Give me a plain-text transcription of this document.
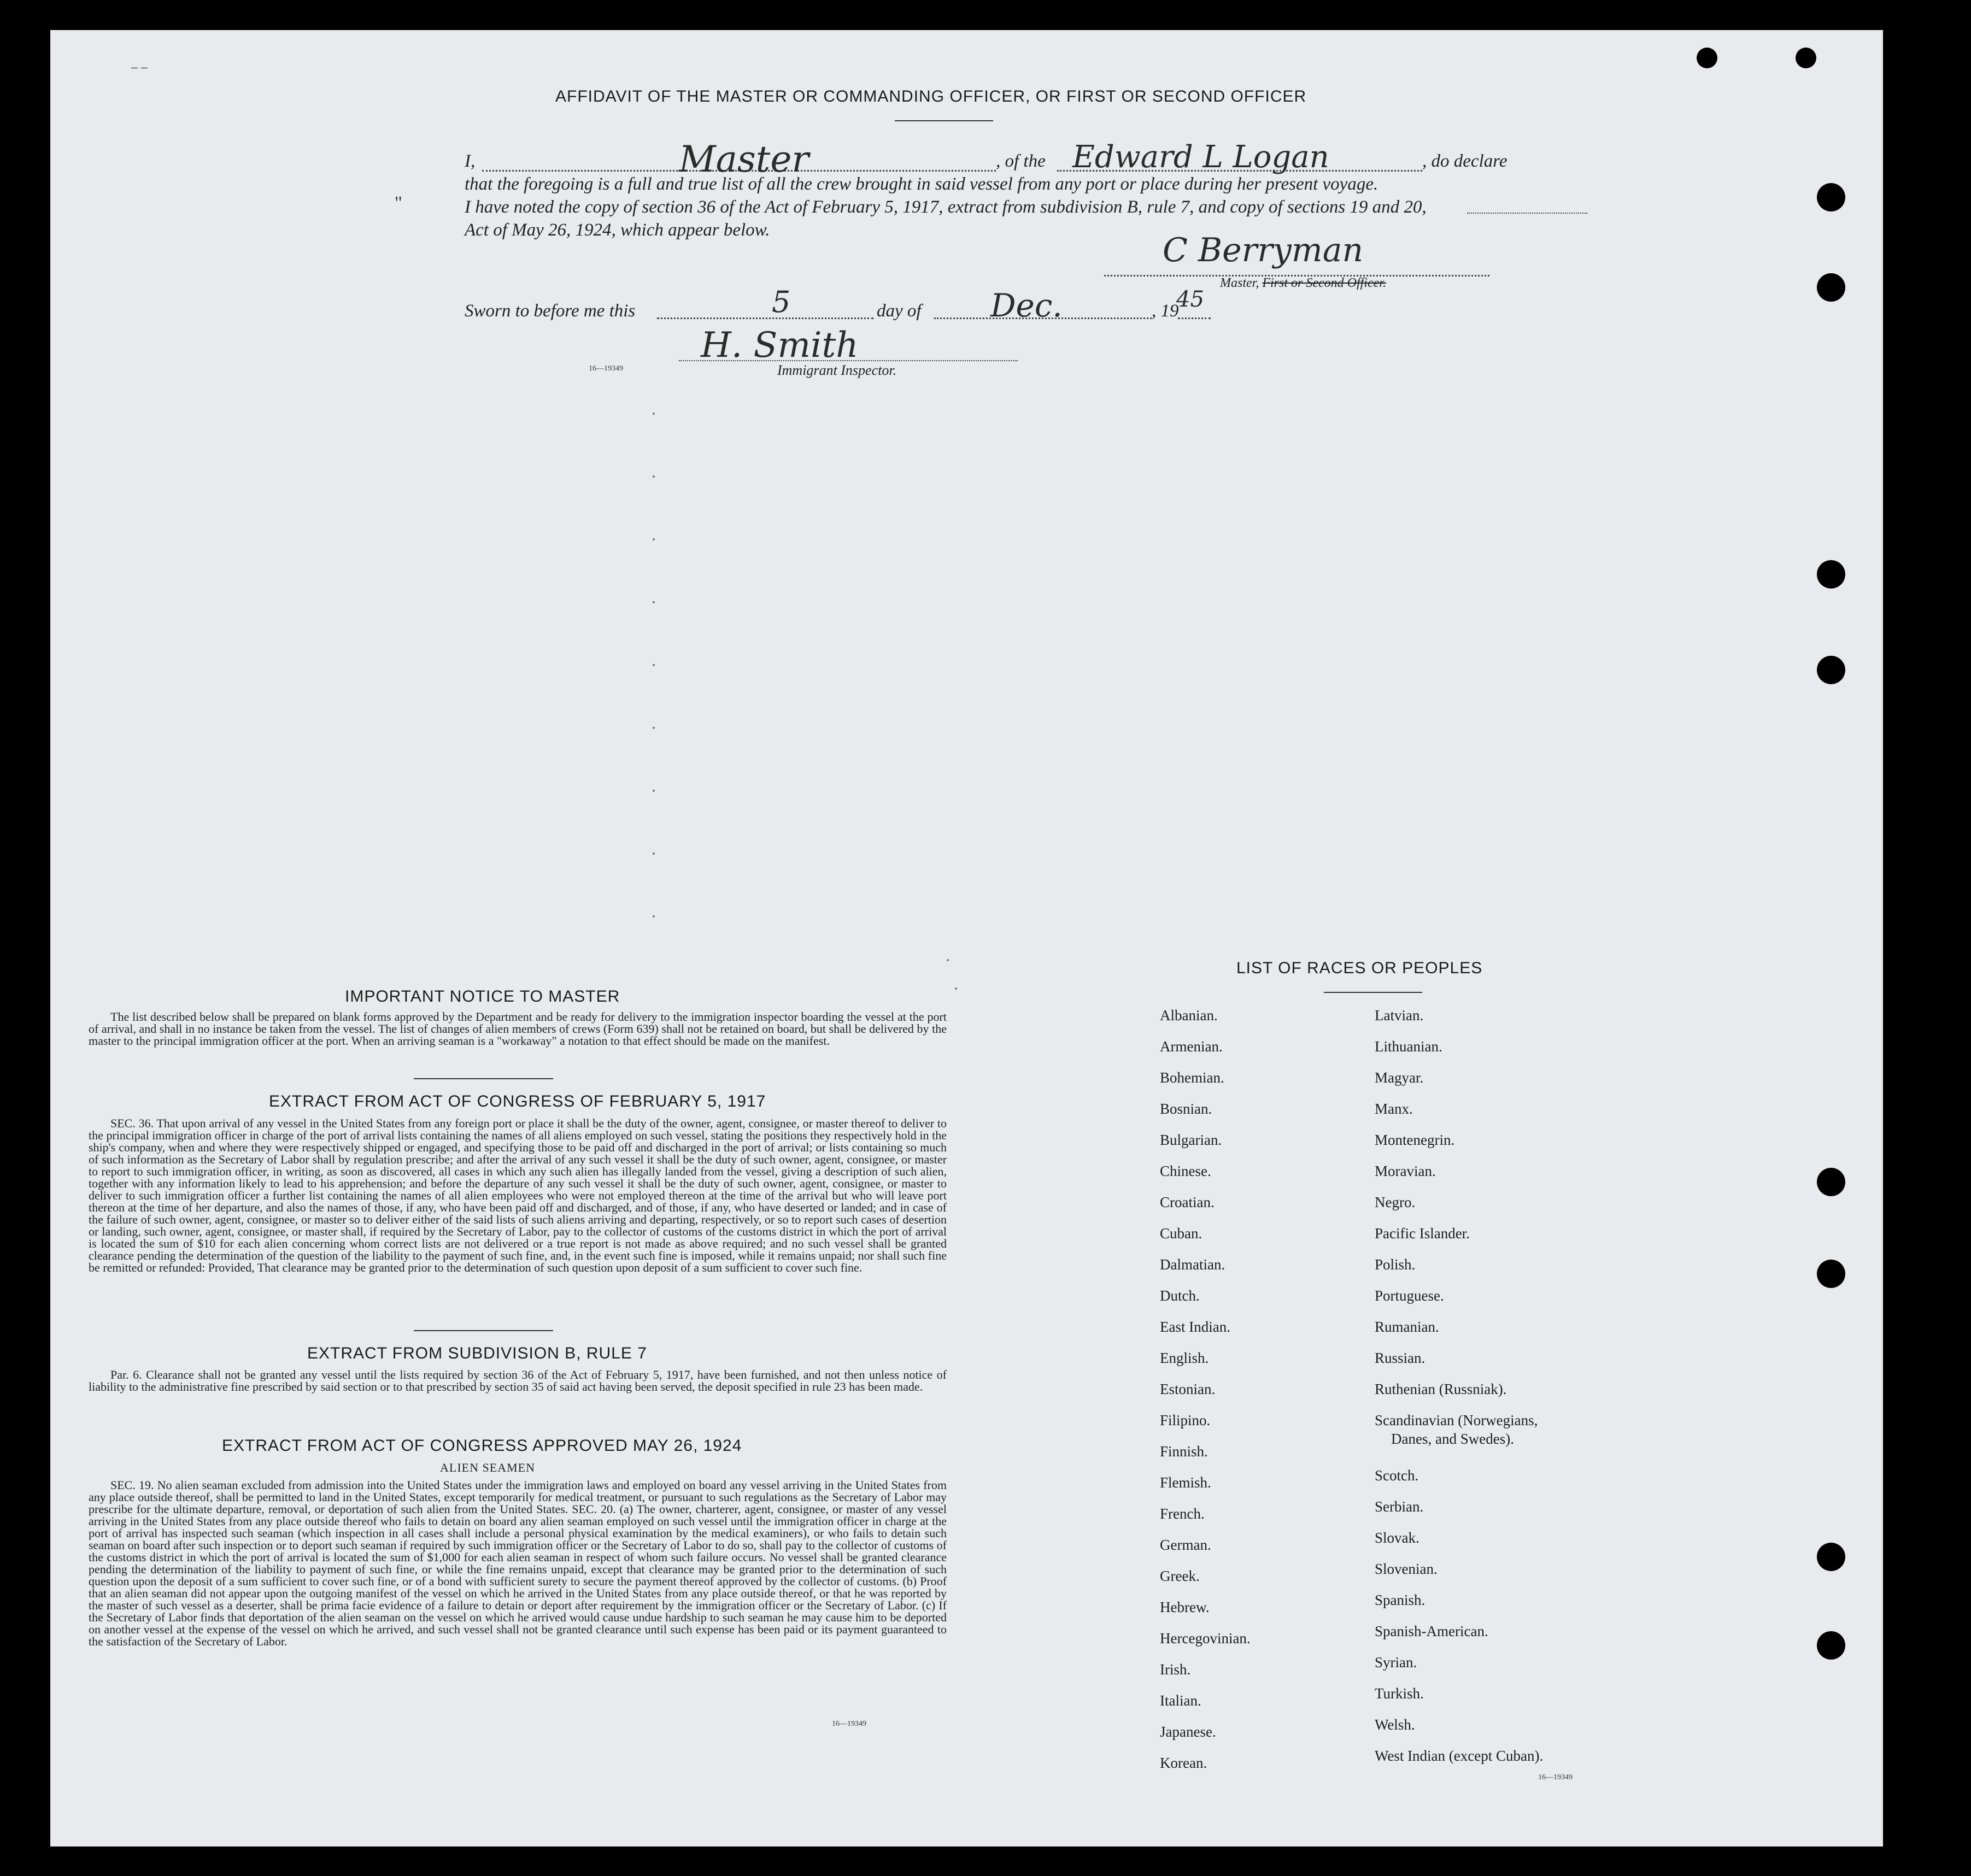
‒ ‒
AFFIDAVIT OF THE MASTER OR COMMANDING OFFICER, OR FIRST OR SECOND OFFICER
I,	Master	, of the Edward L Logan	, do declare
that the foregoing is a full and true list of all the crew brought in said vessel from any port or place during her present voyage.
"	I have noted the copy of section 36 of the Act of February 5, 1917, extract from subdivision B, rule 7, and copy of sections 19 and 20,
Act of May 26, 1924, which appear below.
C Berryman
Master, First or Second Officer.
Sworn to before me this	5	day of Dec.	, 19
45
H. Smith
16—19349	Immigrant Inspector.
IMPORTANT NOTICE TO MASTER
The list described below shall be prepared on blank forms approved by the Department and be ready for delivery to the immigration inspector boarding the vessel at the port of arrival, and shall in no instance be taken from the vessel. The list of changes of alien members of crews (Form 639) shall not be retained on board, but shall be delivered by the master to the principal immigration officer at the port. When an arriving seaman is a "workaway" a notation to that effect should be made on the manifest.
EXTRACT FROM ACT OF CONGRESS OF FEBRUARY 5, 1917
SEC. 36. That upon arrival of any vessel in the United States from any foreign port or place it shall be the duty of the owner, agent, consignee, or master thereof to deliver to the principal immigration officer in charge of the port of arrival lists containing the names of all aliens employed on such vessel, stating the positions they respectively hold in the ship's company, when and where they were respectively shipped or engaged, and specifying those to be paid off and discharged in the port of arrival; or lists containing so much of such information as the Secretary of Labor shall by regulation prescribe; and after the arrival of any such vessel it shall be the duty of such owner, agent, consignee, or master to report to such immigration officer, in writing, as soon as discovered, all cases in which any such alien has illegally landed from the vessel, giving a description of such alien, together with any information likely to lead to his apprehension; and before the departure of any such vessel it shall be the duty of such owner, agent, consignee, or master to deliver to such immigration officer a further list containing the names of all alien employees who were not employed thereon at the time of the arrival but who will leave port thereon at the time of her departure, and also the names of those, if any, who have been paid off and discharged, and of those, if any, who have deserted or landed; and in case of the failure of such owner, agent, consignee, or master so to deliver either of the said lists of such aliens arriving and departing, respectively, or so to report such cases of desertion or landing, such owner, agent, consignee, or master shall, if required by the Secretary of Labor, pay to the collector of customs of the customs district in which the port of arrival is located the sum of $10 for each alien concerning whom correct lists are not delivered or a true report is not made as above required; and no such vessel shall be granted clearance pending the determination of the question of the liability to the payment of such fine, and, in the event such fine is imposed, while it remains unpaid; nor shall such fine be remitted or refunded: Provided, That clearance may be granted prior to the determination of such question upon deposit of a sum sufficient to cover such fine.
EXTRACT FROM SUBDIVISION B, RULE 7
Par. 6. Clearance shall not be granted any vessel until the lists required by section 36 of the Act of February 5, 1917, have been furnished, and not then unless notice of liability to the administrative fine prescribed by said section or to that prescribed by section 35 of said act having been served, the deposit specified in rule 23 has been made.
EXTRACT FROM ACT OF CONGRESS APPROVED MAY 26, 1924
ALIEN SEAMEN
SEC. 19. No alien seaman excluded from admission into the United States under the immigration laws and employed on board any vessel arriving in the United States from any place outside thereof, shall be permitted to land in the United States, except temporarily for medical treatment, or pursuant to such regulations as the Secretary of Labor may prescribe for the ultimate departure, removal, or deportation of such alien from the United States. SEC. 20. (a) The owner, charterer, agent, consignee, or master of any vessel arriving in the United States from any place outside thereof who fails to detain on board any alien seaman employed on such vessel until the immigration officer in charge at the port of arrival has inspected such seaman (which inspection in all cases shall include a personal physical examination by the medical examiners), or who fails to detain such seaman on board after such inspection or to deport such seaman if required by such immigration officer or the Secretary of Labor to do so, shall pay to the collector of customs of the customs district in which the port of arrival is located the sum of $1,000 for each alien seaman in respect of whom such failure occurs. No vessel shall be granted clearance pending the determination of the liability to payment of such fine, or while the fine remains unpaid, except that clearance may be granted prior to the determination of such question upon the deposit of a sum sufficient to cover such fine, or of a bond with sufficient surety to secure the payment thereof approved by the collector of customs. (b) Proof that an alien seaman did not appear upon the outgoing manifest of the vessel on which he arrived in the United States from any place outside thereof, or that he was reported by the master of such vessel as a deserter, shall be prima facie evidence of a failure to detain or deport after requirement by the immigration officer or the Secretary of Labor. (c) If the Secretary of Labor finds that deportation of the alien seaman on the vessel on which he arrived would cause undue hardship to such seaman he may cause him to be deported on another vessel at the expense of the vessel on which he arrived, and such vessel shall not be granted clearance until such expense has been paid or its payment guaranteed to the satisfaction of the Secretary of Labor.
16—19349
LIST OF RACES OR PEOPLES
Albanian.
Armenian.
Bohemian.
Bosnian.
Bulgarian.
Chinese.
Croatian.
Cuban.
Dalmatian.
Dutch.
East Indian.
English.
Estonian.
Filipino.
Finnish.
Flemish.
French.
German.
Greek.
Hebrew.
Hercegovinian.
Irish.
Italian.
Japanese.
Korean.
Latvian.
Lithuanian.
Magyar.
Manx.
Montenegrin.
Moravian.
Negro.
Pacific Islander.
Polish.
Portuguese.
Rumanian.
Russian.
Ruthenian (Russniak).
Scandinavian (Norwegians,
Danes, and Swedes).
Scotch.
Serbian.
Slovak.
Slovenian.
Spanish.
Spanish-American.
Syrian.
Turkish.
Welsh.
West Indian (except Cuban).
16—19349
